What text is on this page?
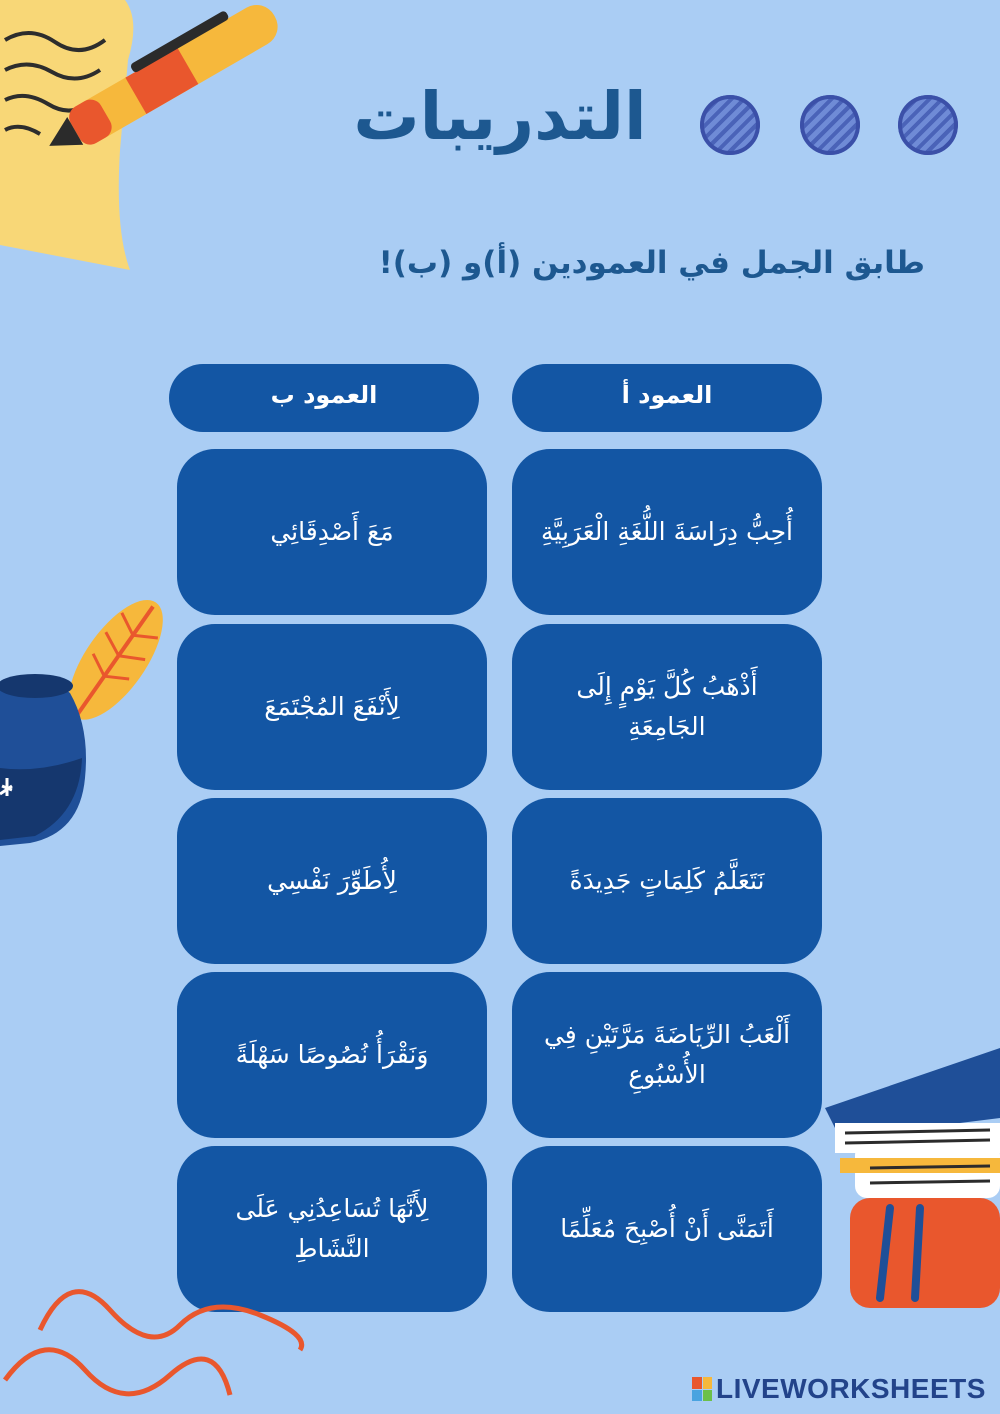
التدريبات

طابق الجمل في العمودين (أ)و (ب)!

العمود أ
العمود ب
أُحِبُّ دِرَاسَةَ اللُّغَةِ الْعَرَبِيَّةِ
مَعَ أَصْدِقَائِي
أَذْهَبُ كُلَّ يَوْمٍ إِلَى الجَامِعَةِ
لِأَنْفَعَ المُجْتَمَعَ
نَتَعَلَّمُ كَلِمَاتٍ جَدِيدَةً
لِأُطَوِّرَ نَفْسِي
أَلْعَبُ الرِّيَاضَةَ مَرَّتَيْنِ فِي الأُسْبُوعِ
وَنَقْرَأُ نُصُوصًا سَهْلَةً
أَتَمَنَّى أَنْ أُصْبِحَ مُعَلِّمًا
لِأَنَّهَا تُسَاعِدُنِي عَلَى النَّشَاطِ
LIVEWORKSHEETS
